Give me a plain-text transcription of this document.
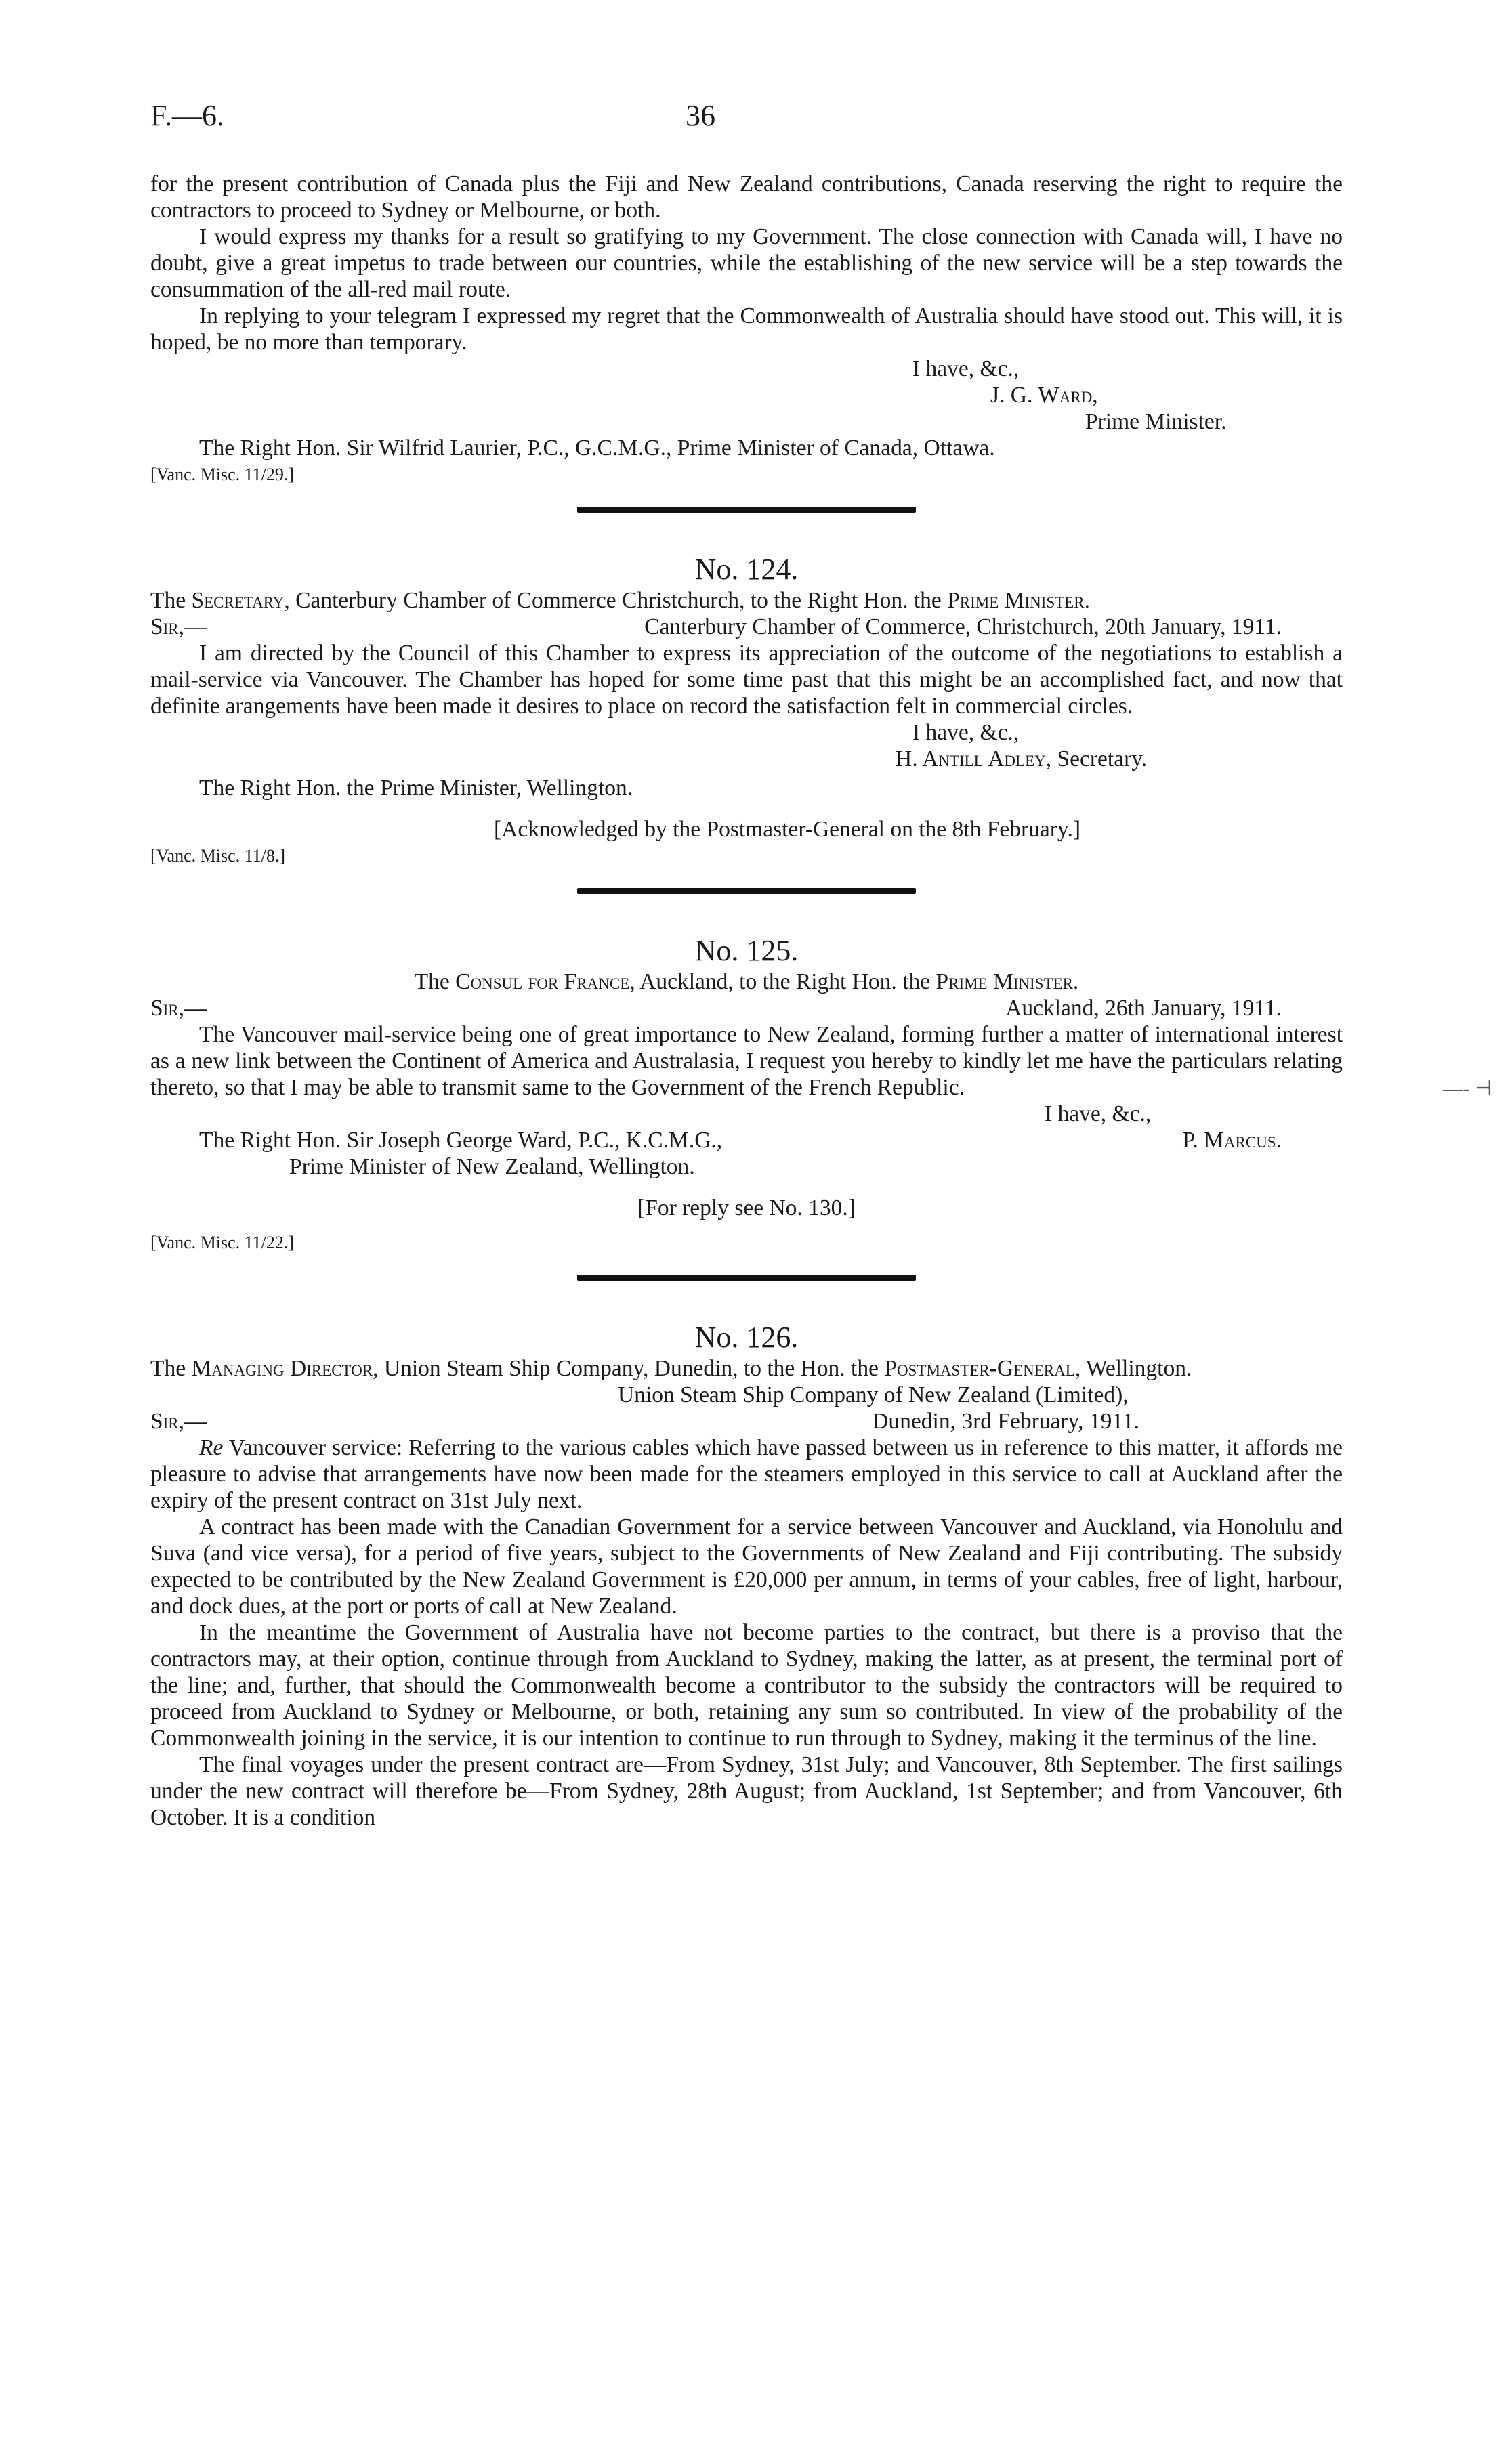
F.—6.	36
—- ⊣

for the present contribution of Canada plus the Fiji and New Zealand contributions, Canada reserving the right to require the contractors to proceed to Sydney or Melbourne, or both.

I would express my thanks for a result so gratifying to my Government. The close connection with Canada will, I have no doubt, give a great impetus to trade between our countries, while the establishing of the new service will be a step towards the consummation of the all-red mail route.

In replying to your telegram I expressed my regret that the Commonwealth of Australia should have stood out. This will, it is hoped, be no more than temporary.

I have, &c.,

J. G. Ward,

Prime Minister.

The Right Hon. Sir Wilfrid Laurier, P.C., G.C.M.G., Prime Minister of Canada, Ottawa.

[Vanc. Misc. 11/29.]

No. 124.

The Secretary, Canterbury Chamber of Commerce Christchurch, to the Right Hon. the Prime Minister.

Sir,—	Canterbury Chamber of Commerce, Christchurch, 20th January, 1911.

I am directed by the Council of this Chamber to express its appreciation of the outcome of the negotiations to establish a mail-service via Vancouver. The Chamber has hoped for some time past that this might be an accomplished fact, and now that definite arangements have been made it desires to place on record the satisfaction felt in commercial circles.

I have, &c.,

H. Antill Adley, Secretary.

The Right Hon. the Prime Minister, Wellington.

[Acknowledged by the Postmaster-General on the 8th February.]

[Vanc. Misc. 11/8.]

No. 125.

The Consul for France, Auckland, to the Right Hon. the Prime Minister.

Sir,—	Auckland, 26th January, 1911.

The Vancouver mail-service being one of great importance to New Zealand, forming further a matter of international interest as a new link between the Continent of America and Australasia, I request you hereby to kindly let me have the particulars relating thereto, so that I may be able to transmit same to the Government of the French Republic.

I have, &c.,

The Right Hon. Sir Joseph George Ward, P.C., K.C.M.G.,	P. Marcus.

Prime Minister of New Zealand, Wellington.

[For reply see No. 130.]

[Vanc. Misc. 11/22.]

No. 126.

The Managing Director, Union Steam Ship Company, Dunedin, to the Hon. the Postmaster-General, Wellington.

Union Steam Ship Company of New Zealand (Limited),

Sir,—	Dunedin, 3rd February, 1911.

Re Vancouver service: Referring to the various cables which have passed between us in reference to this matter, it affords me pleasure to advise that arrangements have now been made for the steamers employed in this service to call at Auckland after the expiry of the present contract on 31st July next.

A contract has been made with the Canadian Government for a service between Vancouver and Auckland, via Honolulu and Suva (and vice versa), for a period of five years, subject to the Governments of New Zealand and Fiji contributing. The subsidy expected to be contributed by the New Zealand Government is £20,000 per annum, in terms of your cables, free of light, harbour, and dock dues, at the port or ports of call at New Zealand.

In the meantime the Government of Australia have not become parties to the contract, but there is a proviso that the contractors may, at their option, continue through from Auckland to Sydney, making the latter, as at present, the terminal port of the line; and, further, that should the Commonwealth become a contributor to the subsidy the contractors will be required to proceed from Auckland to Sydney or Melbourne, or both, retaining any sum so contributed. In view of the probability of the Commonwealth joining in the service, it is our intention to continue to run through to Sydney, making it the terminus of the line.

The final voyages under the present contract are—From Sydney, 31st July; and Vancouver, 8th September. The first sailings under the new contract will therefore be—From Sydney, 28th August; from Auckland, 1st September; and from Vancouver, 6th October. It is a condition
